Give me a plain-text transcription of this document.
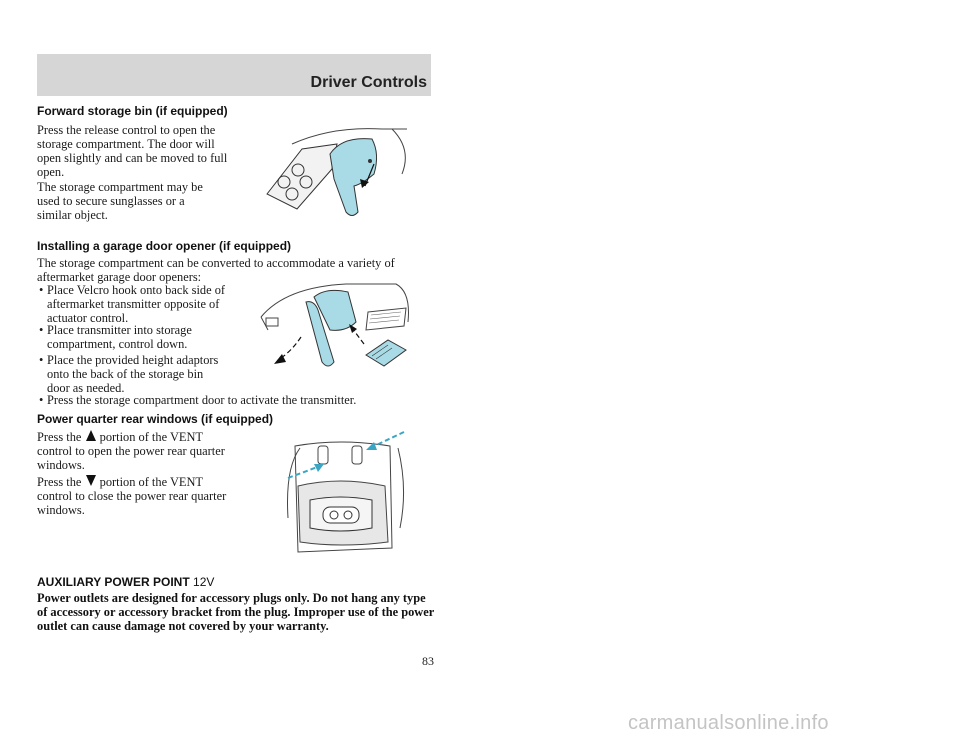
Driver Controls
Forward storage bin (if equipped)
Press the release control to open the storage compartment. The door will open slightly and can be moved to full open.
The storage compartment may be used to secure sunglasses or a similar object.
Installing a garage door opener (if equipped)
The storage compartment can be converted to accommodate a variety of aftermarket garage door openers:
• Place Velcro hook onto back side of aftermarket transmitter opposite of actuator control.
• Place transmitter into storage compartment, control down.
• Place the provided height adaptors onto the back of the storage bin door as needed.
• Press the storage compartment door to activate the transmitter.
Power quarter rear windows (if equipped)
Press the portion of the VENT control to open the power rear quarter windows.
Press the portion of the VENT control to close the power rear quarter windows.
AUXILIARY POWER POINT 12V
Power outlets are designed for accessory plugs only. Do not hang any type of accessory or accessory bracket from the plug. Improper use of the power outlet can cause damage not covered by your warranty.
83
carmanualsonline.info
